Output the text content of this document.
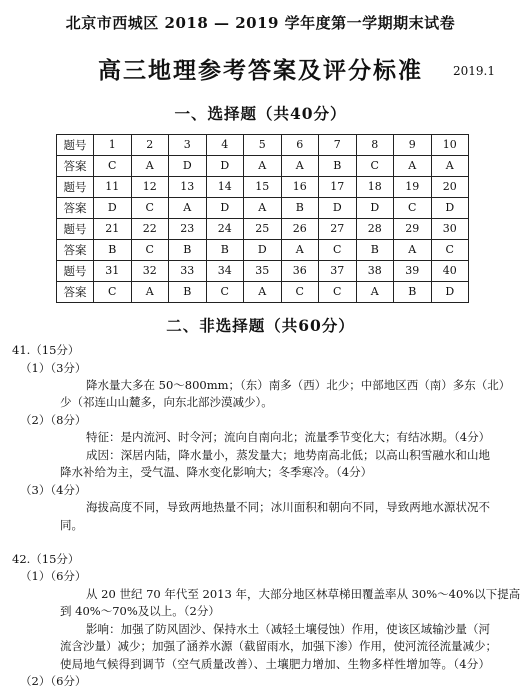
北京市西城区 2018 — 2019 学年度第一学期期末试卷
高三地理参考答案及评分标准	2019.1
一、选择题（共40分）
题号	1	2	3	4	5	6	7	8	9	10
答案	C	A	D	D	A	A	B	C	A	A
题号	11	12	13	14	15	16	17	18	19	20
答案	D	C	A	D	A	B	D	D	C	D
题号	21	22	23	24	25	26	27	28	29	30
答案	B	C	B	B	D	A	C	B	A	C
题号	31	32	33	34	35	36	37	38	39	40
答案	C	A	B	C	A	C	C	A	B	D
二、非选择题（共60分）
41.（15分）
（1）（3分）
降水量大多在 50～800mm；（东）南多（西）北少；中部地区西（南）多东（北）
少（祁连山山麓多，向东北部沙漠减少）。
（2）（8分）
特征：是内流河、时令河；流向自南向北；流量季节变化大；有结冰期。（4分）
成因：深居内陆，降水量小，蒸发量大；地势南高北低；以高山积雪融水和山地
降水补给为主，受气温、降水变化影响大；冬季寒冷。（4分）
（3）（4分）
海拔高度不同，导致两地热量不同；冰川面积和朝向不同，导致两地水源状况不
同。
42.（15分）
（1）（6分）
从 20 世纪 70 年代至 2013 年，大部分地区林草梯田覆盖率从 30%～40%以下提高
到 40%～70%及以上。（2分）
影响：加强了防风固沙、保持水土（减轻土壤侵蚀）作用，使该区域输沙量（河
流含沙量）减少；加强了涵养水源（截留雨水，加强下渗）作用，使河流径流量减少；
使局地气候得到调节（空气质量改善）、土壤肥力增加、生物多样性增加等。（4分）
（2）（6分）
